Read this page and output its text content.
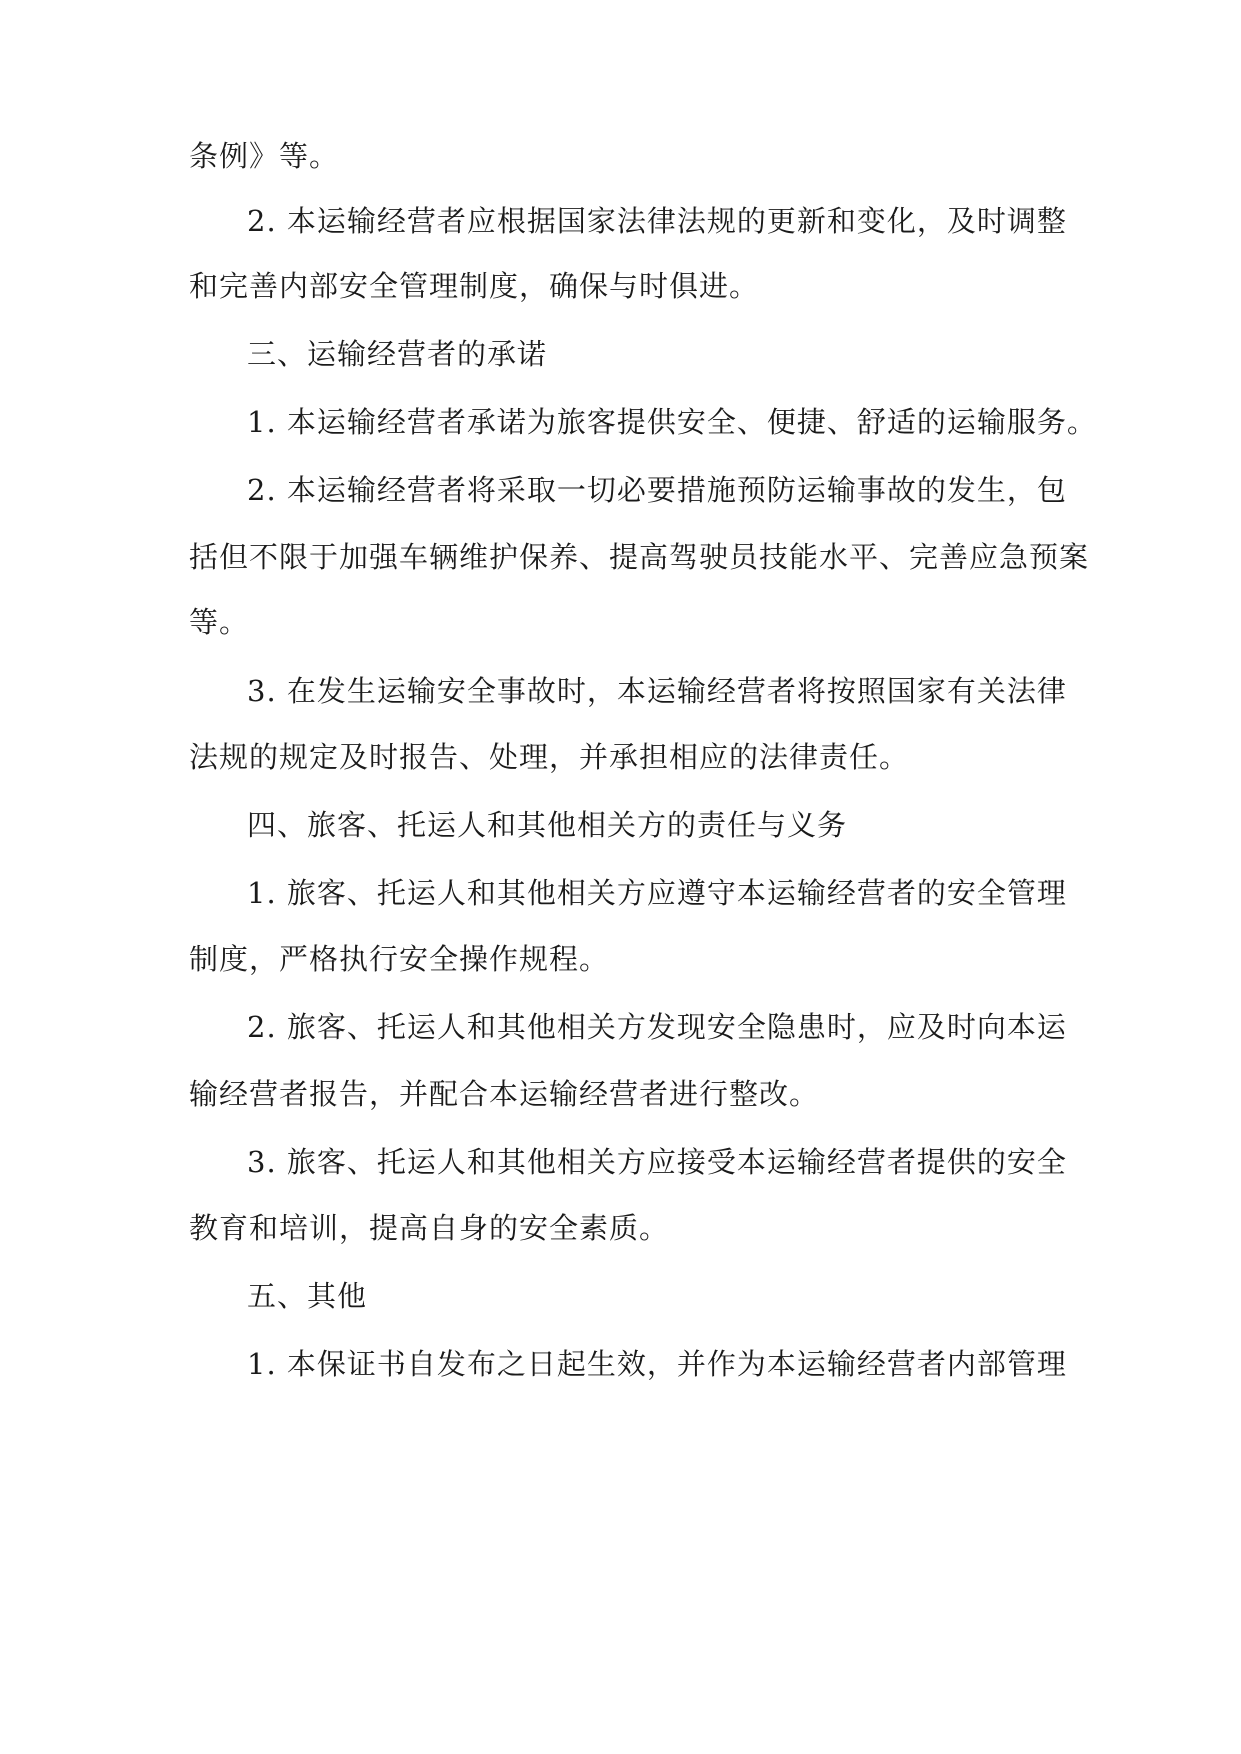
条例》等。
2. 本运输经营者应根据国家法律法规的更新和变化，及时调整
和完善内部安全管理制度，确保与时俱进。
三、运输经营者的承诺
1. 本运输经营者承诺为旅客提供安全、便捷、舒适的运输服务。
2. 本运输经营者将采取一切必要措施预防运输事故的发生，包
括但不限于加强车辆维护保养、提高驾驶员技能水平、完善应急预案
等。
3. 在发生运输安全事故时，本运输经营者将按照国家有关法律
法规的规定及时报告、处理，并承担相应的法律责任。
四、旅客、托运人和其他相关方的责任与义务
1. 旅客、托运人和其他相关方应遵守本运输经营者的安全管理
制度，严格执行安全操作规程。
2. 旅客、托运人和其他相关方发现安全隐患时，应及时向本运
输经营者报告，并配合本运输经营者进行整改。
3. 旅客、托运人和其他相关方应接受本运输经营者提供的安全
教育和培训，提高自身的安全素质。
五、其他
1. 本保证书自发布之日起生效，并作为本运输经营者内部管理
